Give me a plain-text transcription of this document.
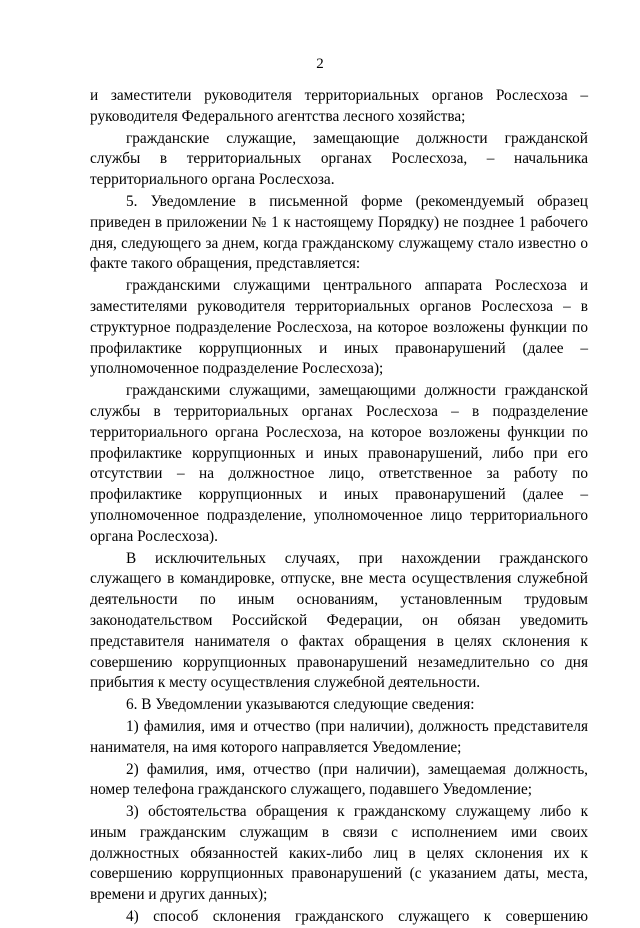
2

и заместители руководителя территориальных органов Рослесхоза – руководителя Федерального агентства лесного хозяйства;

гражданские служащие, замещающие должности гражданской службы в территориальных органах Рослесхоза, – начальника территориального органа Рослесхоза.

5. Уведомление в письменной форме (рекомендуемый образец приведен в приложении № 1 к настоящему Порядку) не позднее 1 рабочего дня, следующего за днем, когда гражданскому служащему стало известно о факте такого обращения, представляется:

гражданскими служащими центрального аппарата Рослесхоза и заместителями руководителя территориальных органов Рослесхоза – в структурное подразделение Рослесхоза, на которое возложены функции по профилактике коррупционных и иных правонарушений (далее – уполномоченное подразделение Рослесхоза);

гражданскими служащими, замещающими должности гражданской службы в территориальных органах Рослесхоза – в подразделение территориального органа Рослесхоза, на которое возложены функции по профилактике коррупционных и иных правонарушений, либо при его отсутствии – на должностное лицо, ответственное за работу по профилактике коррупционных и иных правонарушений (далее – уполномоченное подразделение, уполномоченное лицо территориального органа Рослесхоза).

В исключительных случаях, при нахождении гражданского служащего в командировке, отпуске, вне места осуществления служебной деятельности по иным основаниям, установленным трудовым законодательством Российской Федерации, он обязан уведомить представителя нанимателя о фактах обращения в целях склонения к совершению коррупционных правонарушений незамедлительно со дня прибытия к месту осуществления служебной деятельности.

6. В Уведомлении указываются следующие сведения:

1) фамилия, имя и отчество (при наличии), должность представителя нанимателя, на имя которого направляется Уведомление;

2) фамилия, имя, отчество (при наличии), замещаемая должность, номер телефона гражданского служащего, подавшего Уведомление;

3) обстоятельства обращения к гражданскому служащему либо к иным гражданским служащим в связи с исполнением ими своих должностных обязанностей каких-либо лиц в целях склонения их к совершению коррупционных правонарушений (с указанием даты, места, времени и других данных);

4) способ склонения гражданского служащего к совершению
